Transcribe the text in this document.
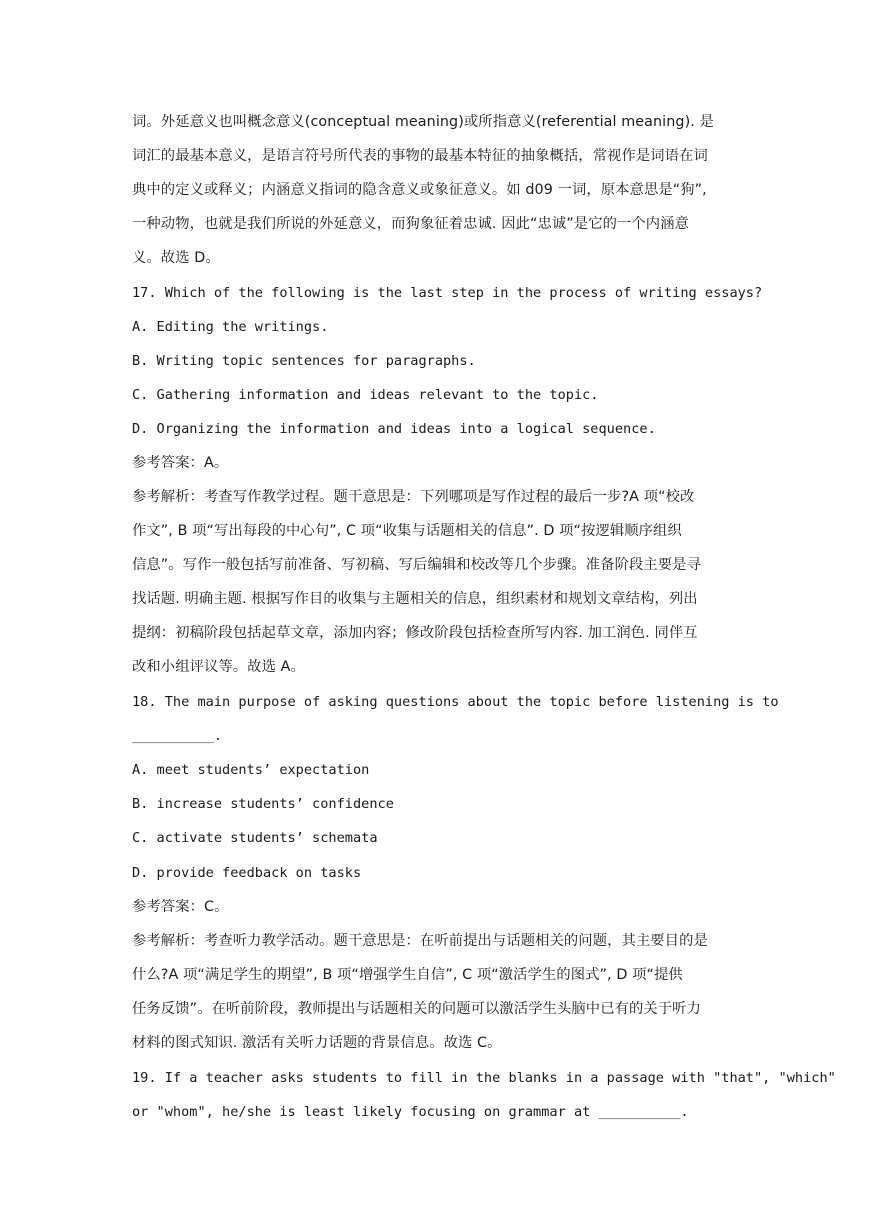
词。外延意义也叫概念意义(conceptual meaning)或所指意义(referential meaning). 是
词汇的最基本意义，是语言符号所代表的事物的最基本特征的抽象概括，常视作是词语在词
典中的定义或释义；内涵意义指词的隐含意义或象征意义。如 d09 一词，原本意思是“狗”,
一种动物，也就是我们所说的外延意义，而狗象征着忠诚. 因此“忠诚”是它的一个内涵意
义。故选 D。
17. Which of the following is the last step in the process of writing essays?
A. Editing the writings.
B. Writing topic sentences for paragraphs.
C. Gathering information and ideas relevant to the topic.
D. Organizing the information and ideas into a logical sequence.
参考答案：A。
参考解析：考查写作教学过程。题干意思是：下列哪项是写作过程的最后一步?A 项“校改
作文”, B 项“写出每段的中心句”, C 项“收集与话题相关的信息”. D 项“按逻辑顺序组织
信息”。写作一般包括写前准备、写初稿、写后编辑和校改等几个步骤。准备阶段主要是寻
找话题. 明确主题. 根据写作目的收集与主题相关的信息，组织素材和规划文章结构，列出
提纲：初稿阶段包括起草文章，添加内容；修改阶段包括检查所写内容. 加工润色. 同伴互
改和小组评议等。故选 A。
18. The main purpose of asking questions about the topic before listening is to
__________.
A. meet students’ expectation
B. increase students’ confidence
C. activate students’ schemata
D. provide feedback on tasks
参考答案：C。
参考解析：考查听力教学活动。题干意思是：在听前提出与话题相关的问题，其主要目的是
什么?A 项“满足学生的期望”, B 项“增强学生自信”, C 项“激活学生的图式”, D 项“提供
任务反馈”。在听前阶段，教师提出与话题相关的问题可以激活学生头脑中已有的关于听力
材料的图式知识. 激活有关听力话题的背景信息。故选 C。
19. If a teacher asks students to fill in the blanks in a passage with "that", "which"
or "whom", he/she is least likely focusing on grammar at __________.
